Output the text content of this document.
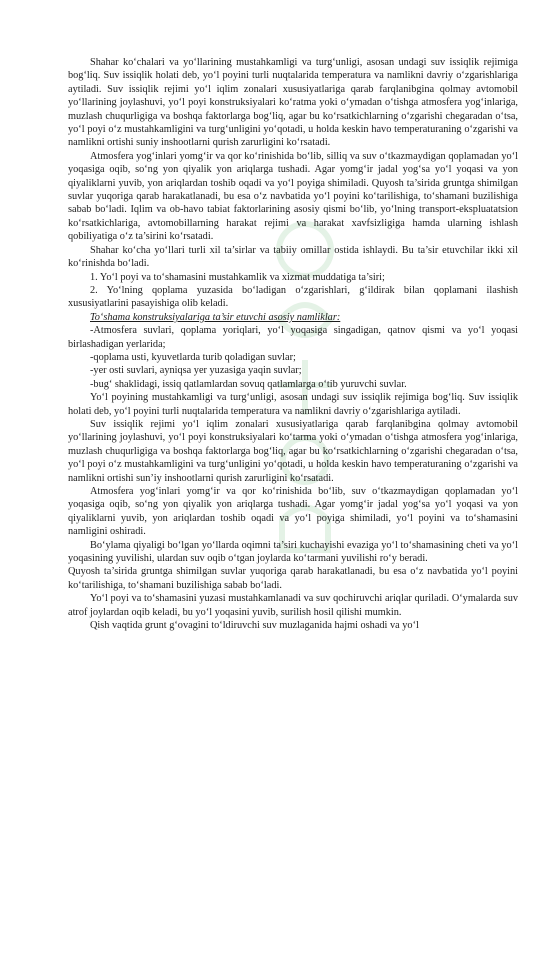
Shahar ko‘chalari va yo‘llarining mustahkamligi va turg‘unligi, asosan undagi suv issiqlik rejimiga bog‘liq. Suv issiqlik holati deb, yo‘l poyini turli nuqtalarida temperatura va namlikni davriy o‘zgarishlariga aytiladi. Suv issiqlik rejimi yo‘l iqlim zonalari xususiyatlariga qarab farqlanibgina qolmay avtomobil yo‘llarining joylashuvi, yo‘l poyi konstruksiyalari ko‘ratma yoki o‘ymadan o‘tishga atmosfera yog‘inlariga, muzlash chuqurligiga va boshqa faktorlarga bog‘liq, agar bu ko‘rsatkichlarning o‘zgarishi chegaradan o‘tsa, yo‘l poyi o‘z mustahkamligini va turg‘unligini yo‘qotadi, u holda keskin havo temperaturaning o‘zgarishi va namlikni ortishi suniy inshootlarni qurish zarurligini ko‘rsatadi.

Atmosfera yog‘inlari yomg‘ir va qor ko‘rinishida bo‘lib, silliq va suv o‘tkazmaydigan qoplamadan yo‘l yoqasiga oqib, so‘ng yon qiyalik yon ariqlarga tushadi. Agar yomg‘ir jadal yog‘sa yo‘l yoqasi va yon qiyaliklarni yuvib, yon ariqlardan toshib oqadi va yo‘l poyiga shimiladi. Quyosh ta’sirida gruntga shimilgan suvlar yuqoriga qarab harakatlanadi, bu esa o‘z navbatida yo‘l poyini ko‘tarilishiga, to‘shamani buzilishiga sabab bo‘ladi. Iqlim va ob-havo tabiat faktorlarining asosiy qismi bo‘lib, yo‘lning transport-ekspluatatsion ko‘rsatkichlariga, avtomobillarning harakat rejimi va harakat xavfsizligiga hamda ularning ishlash qobiliyatiga o‘z ta’sirini ko‘rsatadi.

Shahar ko‘cha yo‘llari turli xil ta’sirlar va tabiiy omillar ostida ishlaydi. Bu ta’sir etuvchilar ikki xil ko‘rinishda bo‘ladi.

1. Yo‘l poyi va to‘shamasini mustahkamlik va xizmat muddatiga ta’siri;

2. Yo‘lning qoplama yuzasida bo‘ladigan o‘zgarishlari, g‘ildirak bilan qoplamani ilashish xususiyatlarini pasayishiga olib keladi.

To‘shama konstruksiyalariga ta’sir etuvchi asosiy namliklar:

-Atmosfera suvlari, qoplama yoriqlari, yo‘l yoqasiga singadigan, qatnov qismi va yo‘l yoqasi birlashadigan yerlarida;

-qoplama usti, kyuvetlarda turib qoladigan suvlar;

-yer osti suvlari, ayniqsa yer yuzasiga yaqin suvlar;

-bug‘ shaklidagi, issiq qatlamlardan sovuq qatlamlarga o‘tib yuruvchi suvlar.

Yo‘l poyining mustahkamligi va turg‘unligi, asosan undagi suv issiqlik rejimiga bog‘liq. Suv issiqlik holati deb, yo‘l poyini turli nuqtalarida temperatura va namlikni davriy o‘zgarishlariga aytiladi.

Suv issiqlik rejimi yo‘l iqlim zonalari xususiyatlariga qarab farqlanibgina qolmay avtomobil yo‘llarining joylashuvi, yo‘l poyi konstruksiyalari ko‘tarma yoki o‘ymadan o‘tishga atmosfera yog‘inlariga, muzlash chuqurligiga va boshqa faktorlarga bog‘liq, agar bu ko‘rsatkichlarning o‘zgarishi chegaradan o‘tsa, yo‘l poyi o‘z mustahkamligini va turg‘unligini yo‘qotadi, u holda keskin havo temperaturaning o‘zgarishi va namlikni ortishi sun’iy inshootlarni qurish zarurligini ko‘rsatadi.

Atmosfera yog‘inlari yomg‘ir va qor ko‘rinishida bo‘lib, suv o‘tkazmaydigan qoplamadan yo‘l yoqasiga oqib, so‘ng yon qiyalik yon ariqlarga tushadi. Agar yomg‘ir jadal yog‘sa yo‘l yoqasi va yon qiyaliklarni yuvib, yon ariqlardan toshib oqadi va yo‘l poyiga shimiladi, yo‘l poyini va to‘shamasini namligini oshiradi.

Bo‘ylama qiyaligi bo‘lgan yo‘llarda oqimni ta’siri kuchayishi evaziga yo‘l to‘shamasining cheti va yo‘l yoqasining yuvilishi, ulardan suv oqib o‘tgan joylarda ko‘tarmani yuvilishi ro‘y beradi.

Quyosh ta’sirida gruntga shimilgan suvlar yuqoriga qarab harakatlanadi, bu esa o‘z navbatida yo‘l poyini ko‘tarilishiga, to‘shamani buzilishiga sabab bo‘ladi.

Yo‘l poyi va to‘shamasini yuzasi mustahkamlanadi va suv qochiruvchi ariqlar quriladi. O‘ymalarda suv atrof joylardan oqib keladi, bu yo‘l yoqasini yuvib, surilish hosil qilishi mumkin.

Qish vaqtida grunt g‘ovagini to‘ldiruvchi suv muzlaganida hajmi oshadi va yo‘l
